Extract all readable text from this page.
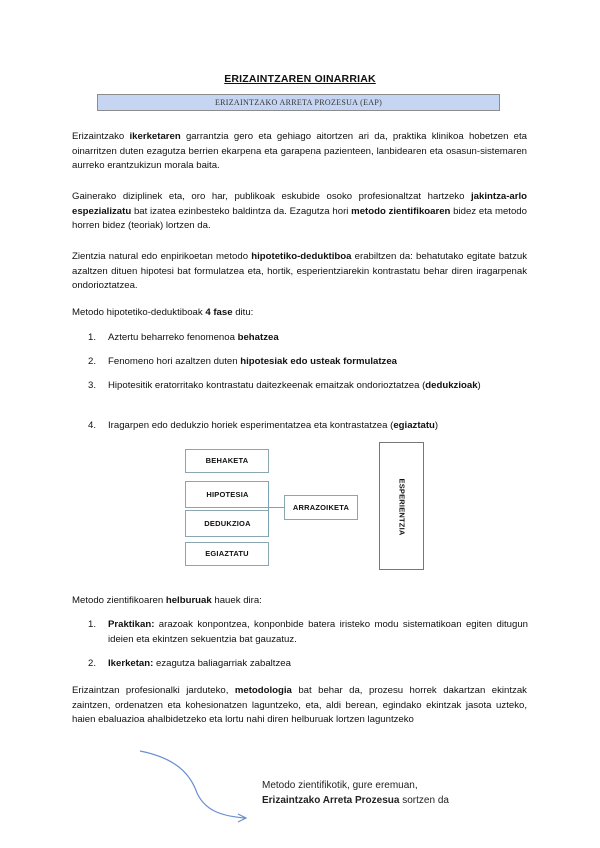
ERIZAINTZAREN OINARRIAK
ERIZAINTZAKO ARRETA PROZESUA (EAP)

Erizaintzako ikerketaren garrantzia gero eta gehiago aitortzen ari da, praktika klinikoa hobetzen eta oinarritzen duten ezagutza berrien ekarpena eta garapena pazienteen, lanbidearen eta osasun-sistemaren aurreko erantzukizun morala baita.

Gainerako diziplinek eta, oro har, publikoak eskubide osoko profesionaltzat hartzeko jakintza-arlo espezializatu bat izatea ezinbesteko baldintza da. Ezagutza hori metodo zientifikoaren bidez eta metodo horren bidez (teoriak) lortzen da.

Zientzia natural edo enpirikoetan metodo hipotetiko-deduktiboa erabiltzen da: behatutako egitate batzuk azaltzen dituen hipotesi bat formulatzea eta, hortik, esperientziarekin kontrastatu behar diren iragarpenak ondorioztatzea.

Metodo hipotetiko-deduktiboak 4 fase ditu:

1. Aztertu beharreko fenomenoa behatzea
2. Fenomeno hori azaltzen duten hipotesiak edo usteak formulatzea
3. Hipotesitik eratorritako kontrastatu daitezkeenak emaitzak ondorioztatzea (dedukzioak)
4. Iragarpen edo dedukzio horiek esperimentatzea eta kontrastatzea (egiaztatu)
BEHAKETA
HIPOTESIA
DEDUKZIOA
EGIAZTATU
ARRAZOIKETA	ESPERIENTZIA

Metodo zientifikoaren helburuak hauek dira:

1. Praktikan: arazoak konpontzea, konponbide batera iristeko modu sistematikoan egiten ditugun ideien eta ekintzen sekuentzia bat gauzatuz.
2. Ikerketan: ezagutza baliagarriak zabaltzea

Erizaintzan profesionalki jarduteko, metodologia bat behar da, prozesu horrek dakartzan ekintzak zaintzen, ordenatzen eta kohesionatzen laguntzeko, eta, aldi berean, egindako ekintzak jasota uzteko, haien ebaluazioa ahalbidetzeko eta lortu nahi diren helburuak lortzen laguntzeko

Metodo zientifikotik, gure eremuan,
Erizaintzako Arreta Prozesua sortzen da
